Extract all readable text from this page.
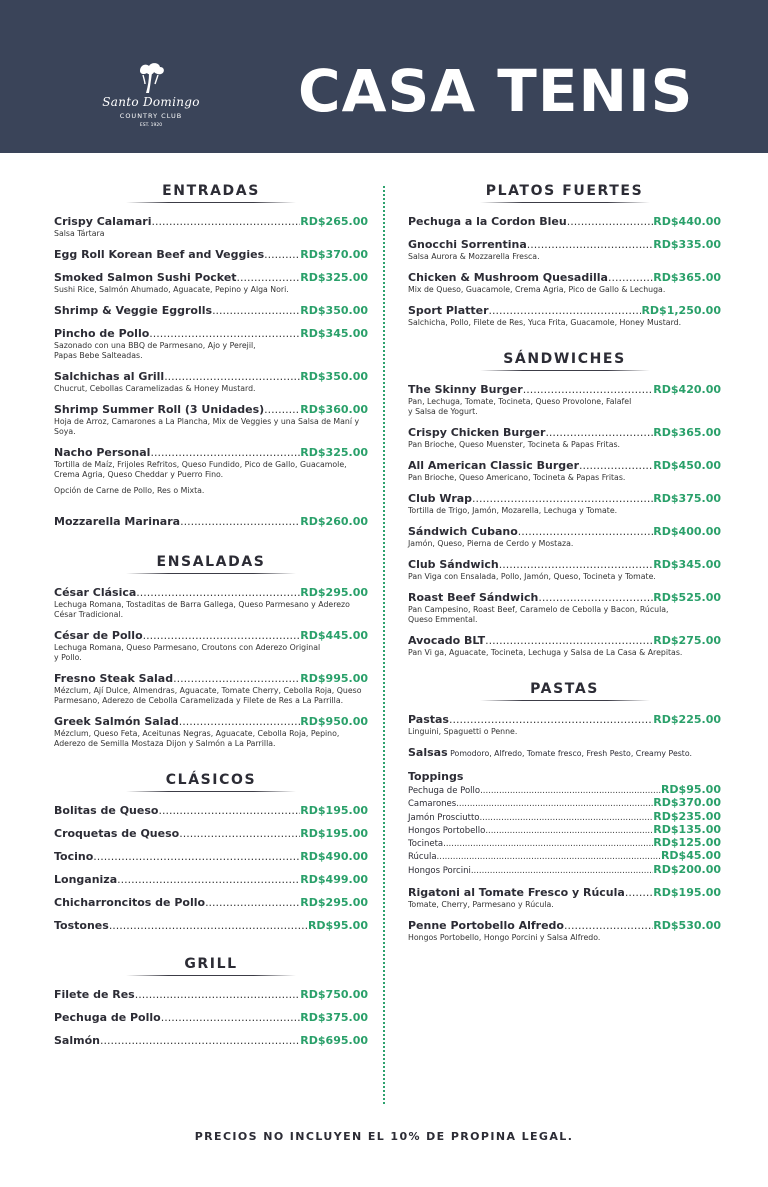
Santo Domingo
COUNTRY CLUB
EST. 1920
CASA TENIS
ENTRADAS
Crispy Calamari .....	RD$265.00
Salsa Tártara
Egg Roll Korean Beef and Veggies .....	RD$370.00
Smoked Salmon Sushi Pocket .....	RD$325.00
Sushi Rice, Salmón Ahumado, Aguacate, Pepino y Alga Nori.
Shrimp & Veggie Eggrolls .....	RD$350.00
Pincho de Pollo .....	RD$345.00
Sazonado con una BBQ de Parmesano, Ajo y Perejil,
Papas Bebe Salteadas.
Salchichas al Grill .....	RD$350.00
Chucrut, Cebollas Caramelizadas & Honey Mustard.
Shrimp Summer Roll (3 Unidades) .....	RD$360.00
Hoja de Arroz, Camarones a La Plancha, Mix de Veggies y una Salsa de Maní y Soya.
Nacho Personal .....	RD$325.00
Tortilla de Maíz, Frijoles Refritos, Queso Fundido, Pico de Gallo, Guacamole, Crema Agria, Queso Cheddar y Puerro Fino.
Opción de Carne de Pollo, Res o Mixta.
Mozzarella Marinara .....	RD$260.00
ENSALADAS
César Clásica .....	RD$295.00
Lechuga Romana, Tostaditas de Barra Gallega, Queso Parmesano y Aderezo César Tradicional.
César de Pollo .....	RD$445.00
Lechuga Romana, Queso Parmesano, Croutons con Aderezo Original
y Pollo.
Fresno Steak Salad .....	RD$995.00
Mézclum, Ají Dulce, Almendras, Aguacate, Tomate Cherry, Cebolla Roja, Queso Parmesano, Aderezo de Cebolla Caramelizada y Filete de Res a La Parrilla.
Greek Salmón Salad .....	RD$950.00
Mézclum, Queso Feta, Aceitunas Negras, Aguacate, Cebolla Roja, Pepino, Aderezo de Semilla Mostaza Dijon y Salmón a La Parrilla.
CLÁSICOS
Bolitas de Queso .....	RD$195.00
Croquetas de Queso .....	RD$195.00
Tocino .....	RD$490.00
Longaniza .....	RD$499.00
Chicharroncitos de Pollo .....	RD$295.00
Tostones .....	RD$95.00
GRILL
Filete de Res .....	RD$750.00
Pechuga de Pollo .....	RD$375.00
Salmón .....	RD$695.00
PLATOS FUERTES
Pechuga a la Cordon Bleu .....	RD$440.00
Gnocchi Sorrentina .....	RD$335.00
Salsa Aurora & Mozzarella Fresca.
Chicken & Mushroom Quesadilla .....	RD$365.00
Mix de Queso, Guacamole, Crema Agria, Pico de Gallo & Lechuga.
Sport Platter .....	RD$1,250.00
Salchicha, Pollo, Filete de Res, Yuca Frita, Guacamole, Honey Mustard.
SÁNDWICHES
The Skinny Burger .....	RD$420.00
Pan, Lechuga, Tomate, Tocineta, Queso Provolone, Falafel
y Salsa de Yogurt.
Crispy Chicken Burger .....	RD$365.00
Pan Brioche, Queso Muenster, Tocineta & Papas Fritas.
All American Classic Burger .....	RD$450.00
Pan Brioche, Queso Americano, Tocineta & Papas Fritas.
Club Wrap .....	RD$375.00
Tortilla de Trigo, Jamón, Mozarella, Lechuga y Tomate.
Sándwich Cubano .....	RD$400.00
Jamón, Queso, Pierna de Cerdo y Mostaza.
Club Sándwich .....	RD$345.00
Pan Viga con Ensalada, Pollo, Jamón, Queso, Tocineta y Tomate.
Roast Beef Sándwich .....	RD$525.00
Pan Campesino, Roast Beef, Caramelo de Cebolla y Bacon, Rúcula,
Queso Emmental.
Avocado BLT .....	RD$275.00
Pan Vi ga, Aguacate, Tocineta, Lechuga y Salsa de La Casa & Arepitas.
PASTAS
Pastas .....	RD$225.00
Linguini, Spaguetti o Penne.
Salsas Pomodoro, Alfredo, Tomate fresco, Fresh Pesto, Creamy Pesto.
Toppings
Pechuga de Pollo .....	RD$95.00
Camarones .....	RD$370.00
Jamón Prosciutto .....	RD$235.00
Hongos Portobello .....	RD$135.00
Tocineta .....	RD$125.00
Rúcula .....	RD$45.00
Hongos Porcini .....	RD$200.00
Rigatoni al Tomate Fresco y Rúcula .....	RD$195.00
Tomate, Cherry, Parmesano y Rúcula.
Penne Portobello Alfredo .....	RD$530.00
Hongos Portobello, Hongo Porcini y Salsa Alfredo.
PRECIOS NO INCLUYEN EL 10% DE PROPINA LEGAL.
